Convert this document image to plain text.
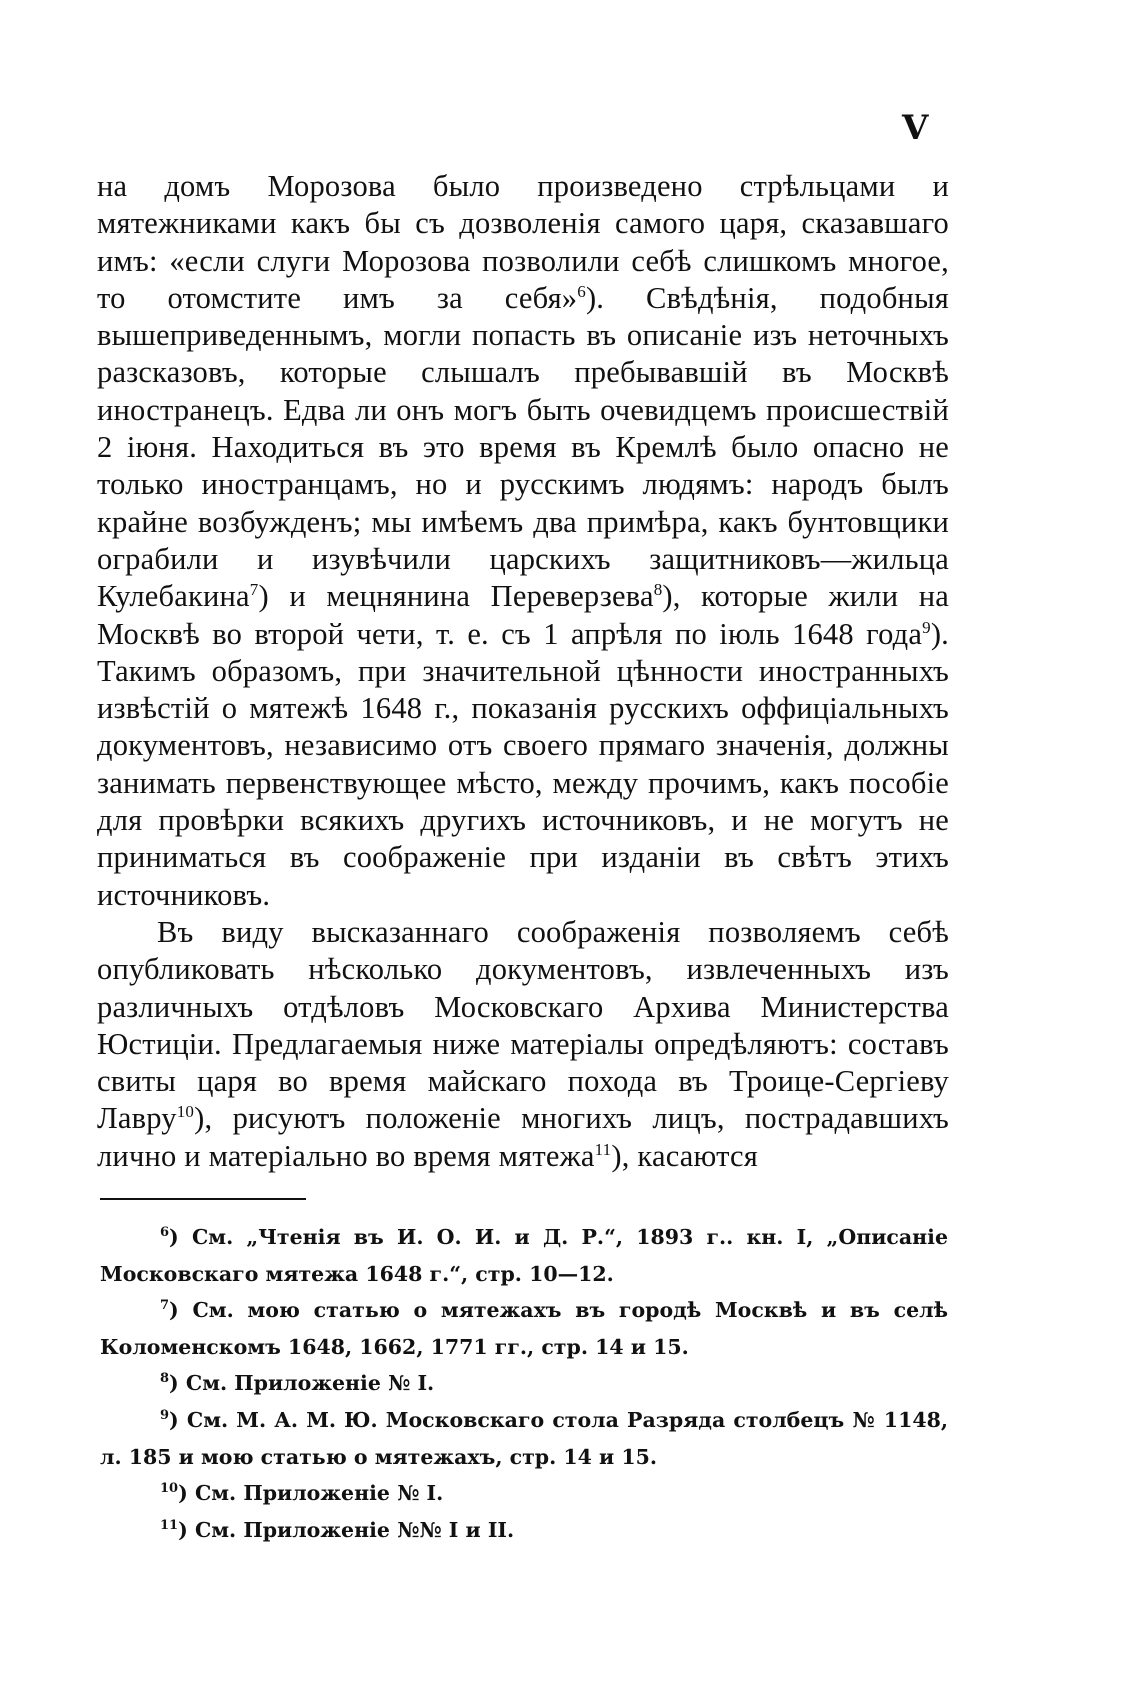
V

на домъ Морозова было произведено стрѣльцами и мятежниками какъ бы съ дозволенія самого царя, сказавшаго имъ: «если слуги Морозова позволили себѣ слишкомъ многое, то отомстите имъ за себя»$^6$). Свѣдѣнія, подобныя вышеприведеннымъ, могли попасть въ описаніе изъ неточныхъ разсказовъ, которые слышалъ пребывавшій въ Москвѣ иностранецъ. Едва ли онъ могъ быть очевидцемъ происшествій 2 іюня. Находиться въ это время въ Кремлѣ было опасно не только иностранцамъ, но и русскимъ людямъ: народъ былъ крайне возбужденъ; мы имѣемъ два примѣра, какъ бунтовщики ограбили и изувѣчили царскихъ защитниковъ—жильца Кулебакина$^7$) и мецнянина Переверзева$^8$), которые жили на Москвѣ во второй чети, т. е. съ 1 апрѣля по іюль 1648 года$^9$). Такимъ образомъ, при значительной цѣнности иностранныхъ извѣстій о мятежѣ 1648 г., показанія русскихъ оффиціальныхъ документовъ, независимо отъ своего прямаго значенія, должны занимать первенствующее мѣсто, между прочимъ, какъ пособіе для провѣрки всякихъ другихъ источниковъ, и не могутъ не приниматься въ соображеніе при изданіи въ свѣтъ этихъ источниковъ.

Въ виду высказаннаго соображенія позволяемъ себѣ опубликовать нѣсколько документовъ, извлеченныхъ изъ различныхъ отдѣловъ Московскаго Архива Министерства Юстиціи. Предлагаемыя ниже матеріалы опредѣляютъ: составъ свиты царя во время майскаго похода въ Троице-Сергіеву Лавру$^{10}$), рисуютъ положеніе многихъ лицъ, пострадавшихъ лично и матеріально во время мятежа$^{11}$), касаются

$^6$) См. „Чтенія въ И. О. И. и Д. Р.“, 1893 г.. кн. I, „Описаніе Московскаго мятежа 1648 г.“, стр. 10—12.

$^7$) См. мою статью о мятежахъ въ городѣ Москвѣ и въ селѣ Коломенскомъ 1648, 1662, 1771 гг., стр. 14 и 15.

$^8$) См. Приложеніе № I.

$^9$) См. М. А. М. Ю. Московскаго стола Разряда столбецъ № 1148, л. 185 и мою статью о мятежахъ, стр. 14 и 15.

$^{10}$) См. Приложеніе № I.

$^{11}$) См. Приложеніе №№ I и II.
